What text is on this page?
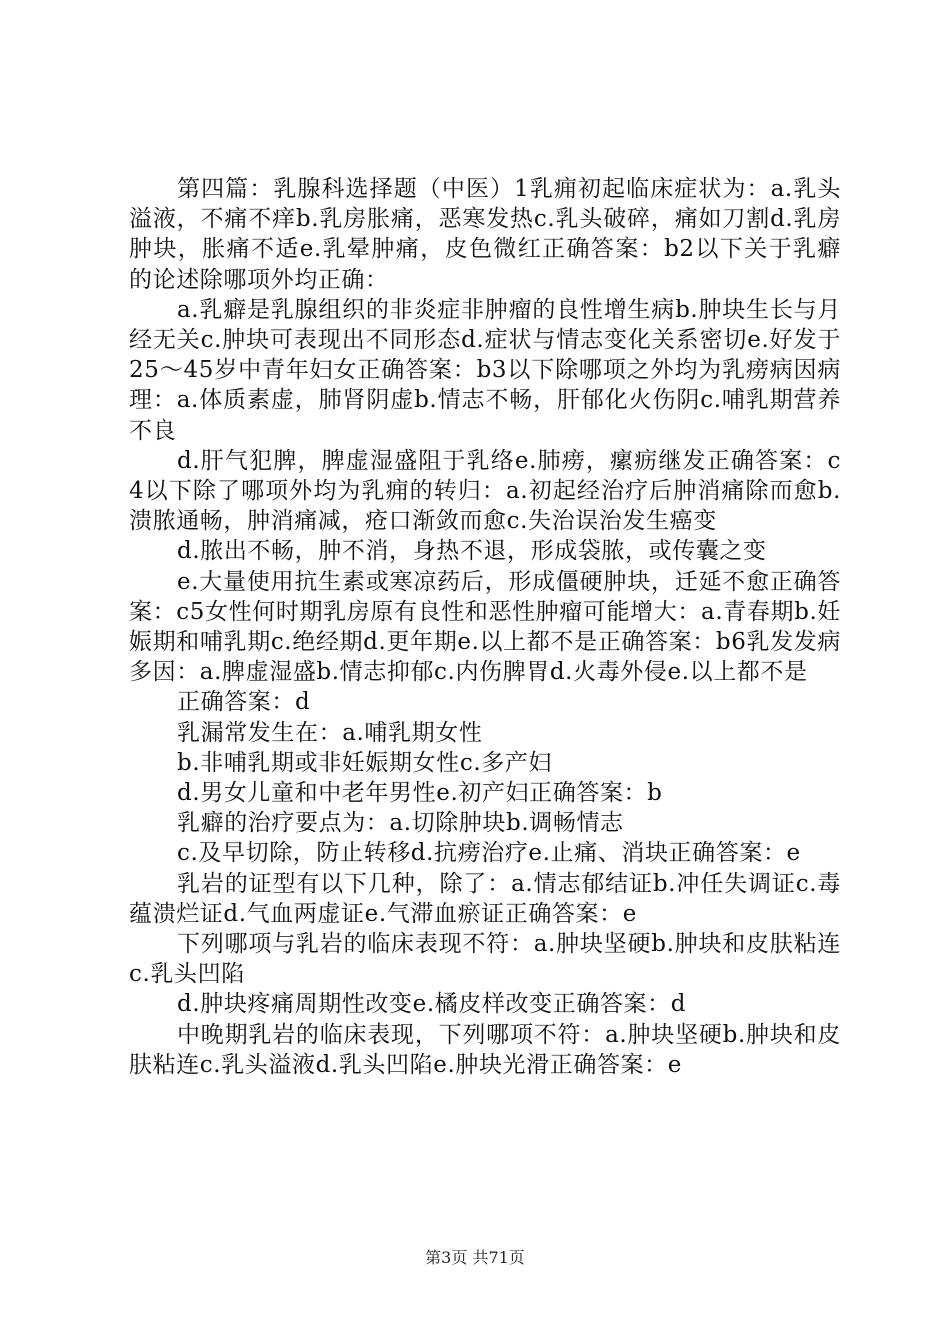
第四篇：乳腺科选择题（中医）1乳痈初起临床症状为：a.乳头溢液，不痛不痒b.乳房胀痛，恶寒发热c.乳头破碎，痛如刀割d.乳房肿块，胀痛不适e.乳晕肿痛，皮色微红正确答案：b2以下关于乳癖的论述除哪项外均正确：

a.乳癖是乳腺组织的非炎症非肿瘤的良性增生病b.肿块生长与月经无关c.肿块可表现出不同形态d.症状与情志变化关系密切e.好发于25～45岁中青年妇女正确答案：b3以下除哪项之外均为乳痨病因病理：a.体质素虚，肺肾阴虚b.情志不畅，肝郁化火伤阴c.哺乳期营养不良

d.肝气犯脾，脾虚湿盛阻于乳络e.肺痨，瘰疬继发正确答案：c4以下除了哪项外均为乳痈的转归：a.初起经治疗后肿消痛除而愈b.溃脓通畅，肿消痛减，疮口渐敛而愈c.失治误治发生癌变

d.脓出不畅，肿不消，身热不退，形成袋脓，或传囊之变

e.大量使用抗生素或寒凉药后，形成僵硬肿块，迁延不愈正确答案：c5女性何时期乳房原有良性和恶性肿瘤可能增大：a.青春期b.妊娠期和哺乳期c.绝经期d.更年期e.以上都不是正确答案：b6乳发发病多因：a.脾虚湿盛b.情志抑郁c.内伤脾胃d.火毒外侵e.以上都不是

正确答案：d

乳漏常发生在：a.哺乳期女性

b.非哺乳期或非妊娠期女性c.多产妇

d.男女儿童和中老年男性e.初产妇正确答案：b

乳癖的治疗要点为：a.切除肿块b.调畅情志

c.及早切除，防止转移d.抗痨治疗e.止痛、消块正确答案：e

乳岩的证型有以下几种，除了：a.情志郁结证b.冲任失调证c.毒蕴溃烂证d.气血两虚证e.气滞血瘀证正确答案：e

下列哪项与乳岩的临床表现不符：a.肿块坚硬b.肿块和皮肤粘连c.乳头凹陷

d.肿块疼痛周期性改变e.橘皮样改变正确答案：d

中晚期乳岩的临床表现，下列哪项不符：a.肿块坚硬b.肿块和皮肤粘连c.乳头溢液d.乳头凹陷e.肿块光滑正确答案：e

第3页 共71页
